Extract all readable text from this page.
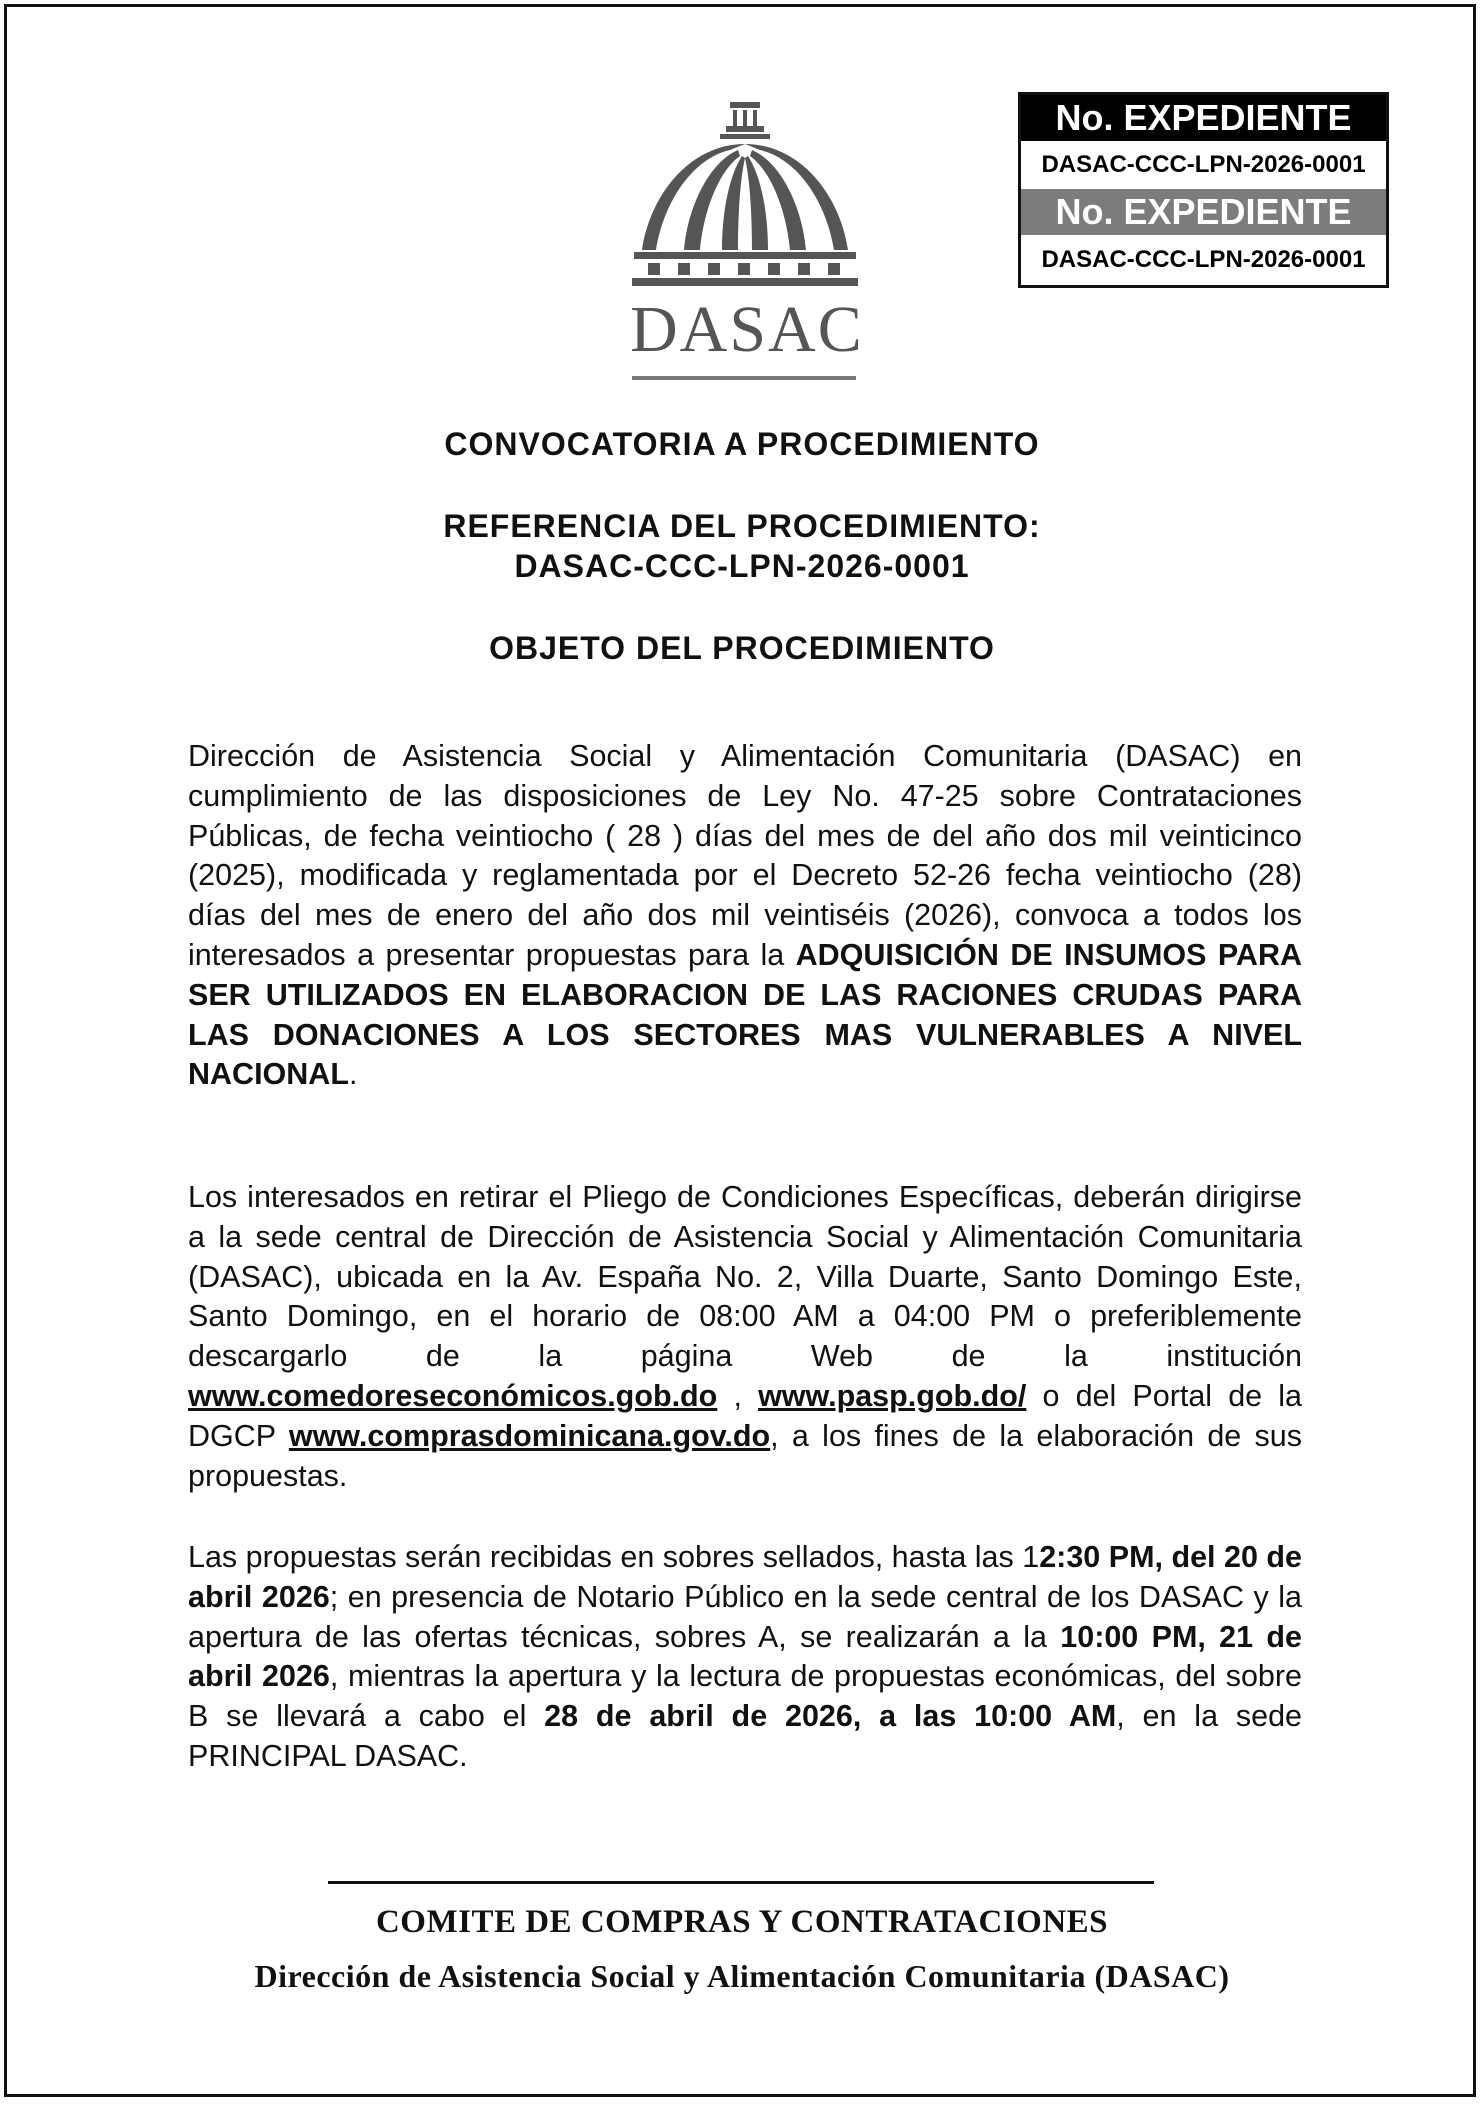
DASAC
No. EXPEDIENTE
DASAC-CCC-LPN-2026-0001
No. EXPEDIENTE
DASAC-CCC-LPN-2026-0001
CONVOCATORIA A PROCEDIMIENTO
REFERENCIA DEL PROCEDIMIENTO:
DASAC-CCC-LPN-2026-0001
OBJETO DEL PROCEDIMIENTO
Dirección de Asistencia Social y Alimentación Comunitaria (DASAC) en cumplimiento de las disposiciones de Ley No. 47-25 sobre Contrataciones Públicas, de fecha veintiocho ( 28 ) días del mes de del año dos mil veinticinco (2025), modificada y reglamentada por el Decreto 52-26 fecha veintiocho (28) días del mes de enero del año dos mil veintiséis (2026), convoca a todos los interesados a presentar propuestas para la ADQUISICIÓN DE INSUMOS PARA SER UTILIZADOS EN ELABORACION DE LAS RACIONES CRUDAS PARA LAS DONACIONES A LOS SECTORES MAS VULNERABLES A NIVEL NACIONAL.
Los interesados en retirar el Pliego de Condiciones Específicas, deberán dirigirse a la sede central de Dirección de Asistencia Social y Alimentación Comunitaria (DASAC), ubicada en la Av. España No. 2, Villa Duarte, Santo Domingo Este, Santo Domingo, en el horario de 08:00 AM a 04:00 PM o preferiblemente descargarlo de la página Web de la institución www.comedoreseconómicos.gob.do , www.pasp.gob.do/ o del Portal de la DGCP www.comprasdominicana.gov.do, a los fines de la elaboración de sus propuestas.
Las propuestas serán recibidas en sobres sellados, hasta las 12:30 PM, del 20 de abril 2026; en presencia de Notario Público en la sede central de los DASAC y la apertura de las ofertas técnicas, sobres A, se realizarán a la 10:00 PM, 21 de abril 2026, mientras la apertura y la lectura de propuestas económicas, del sobre B se llevará a cabo el 28 de abril de 2026, a las 10:00 AM, en la sede PRINCIPAL DASAC.
COMITE DE COMPRAS Y CONTRATACIONES
Dirección de Asistencia Social y Alimentación Comunitaria (DASAC)
